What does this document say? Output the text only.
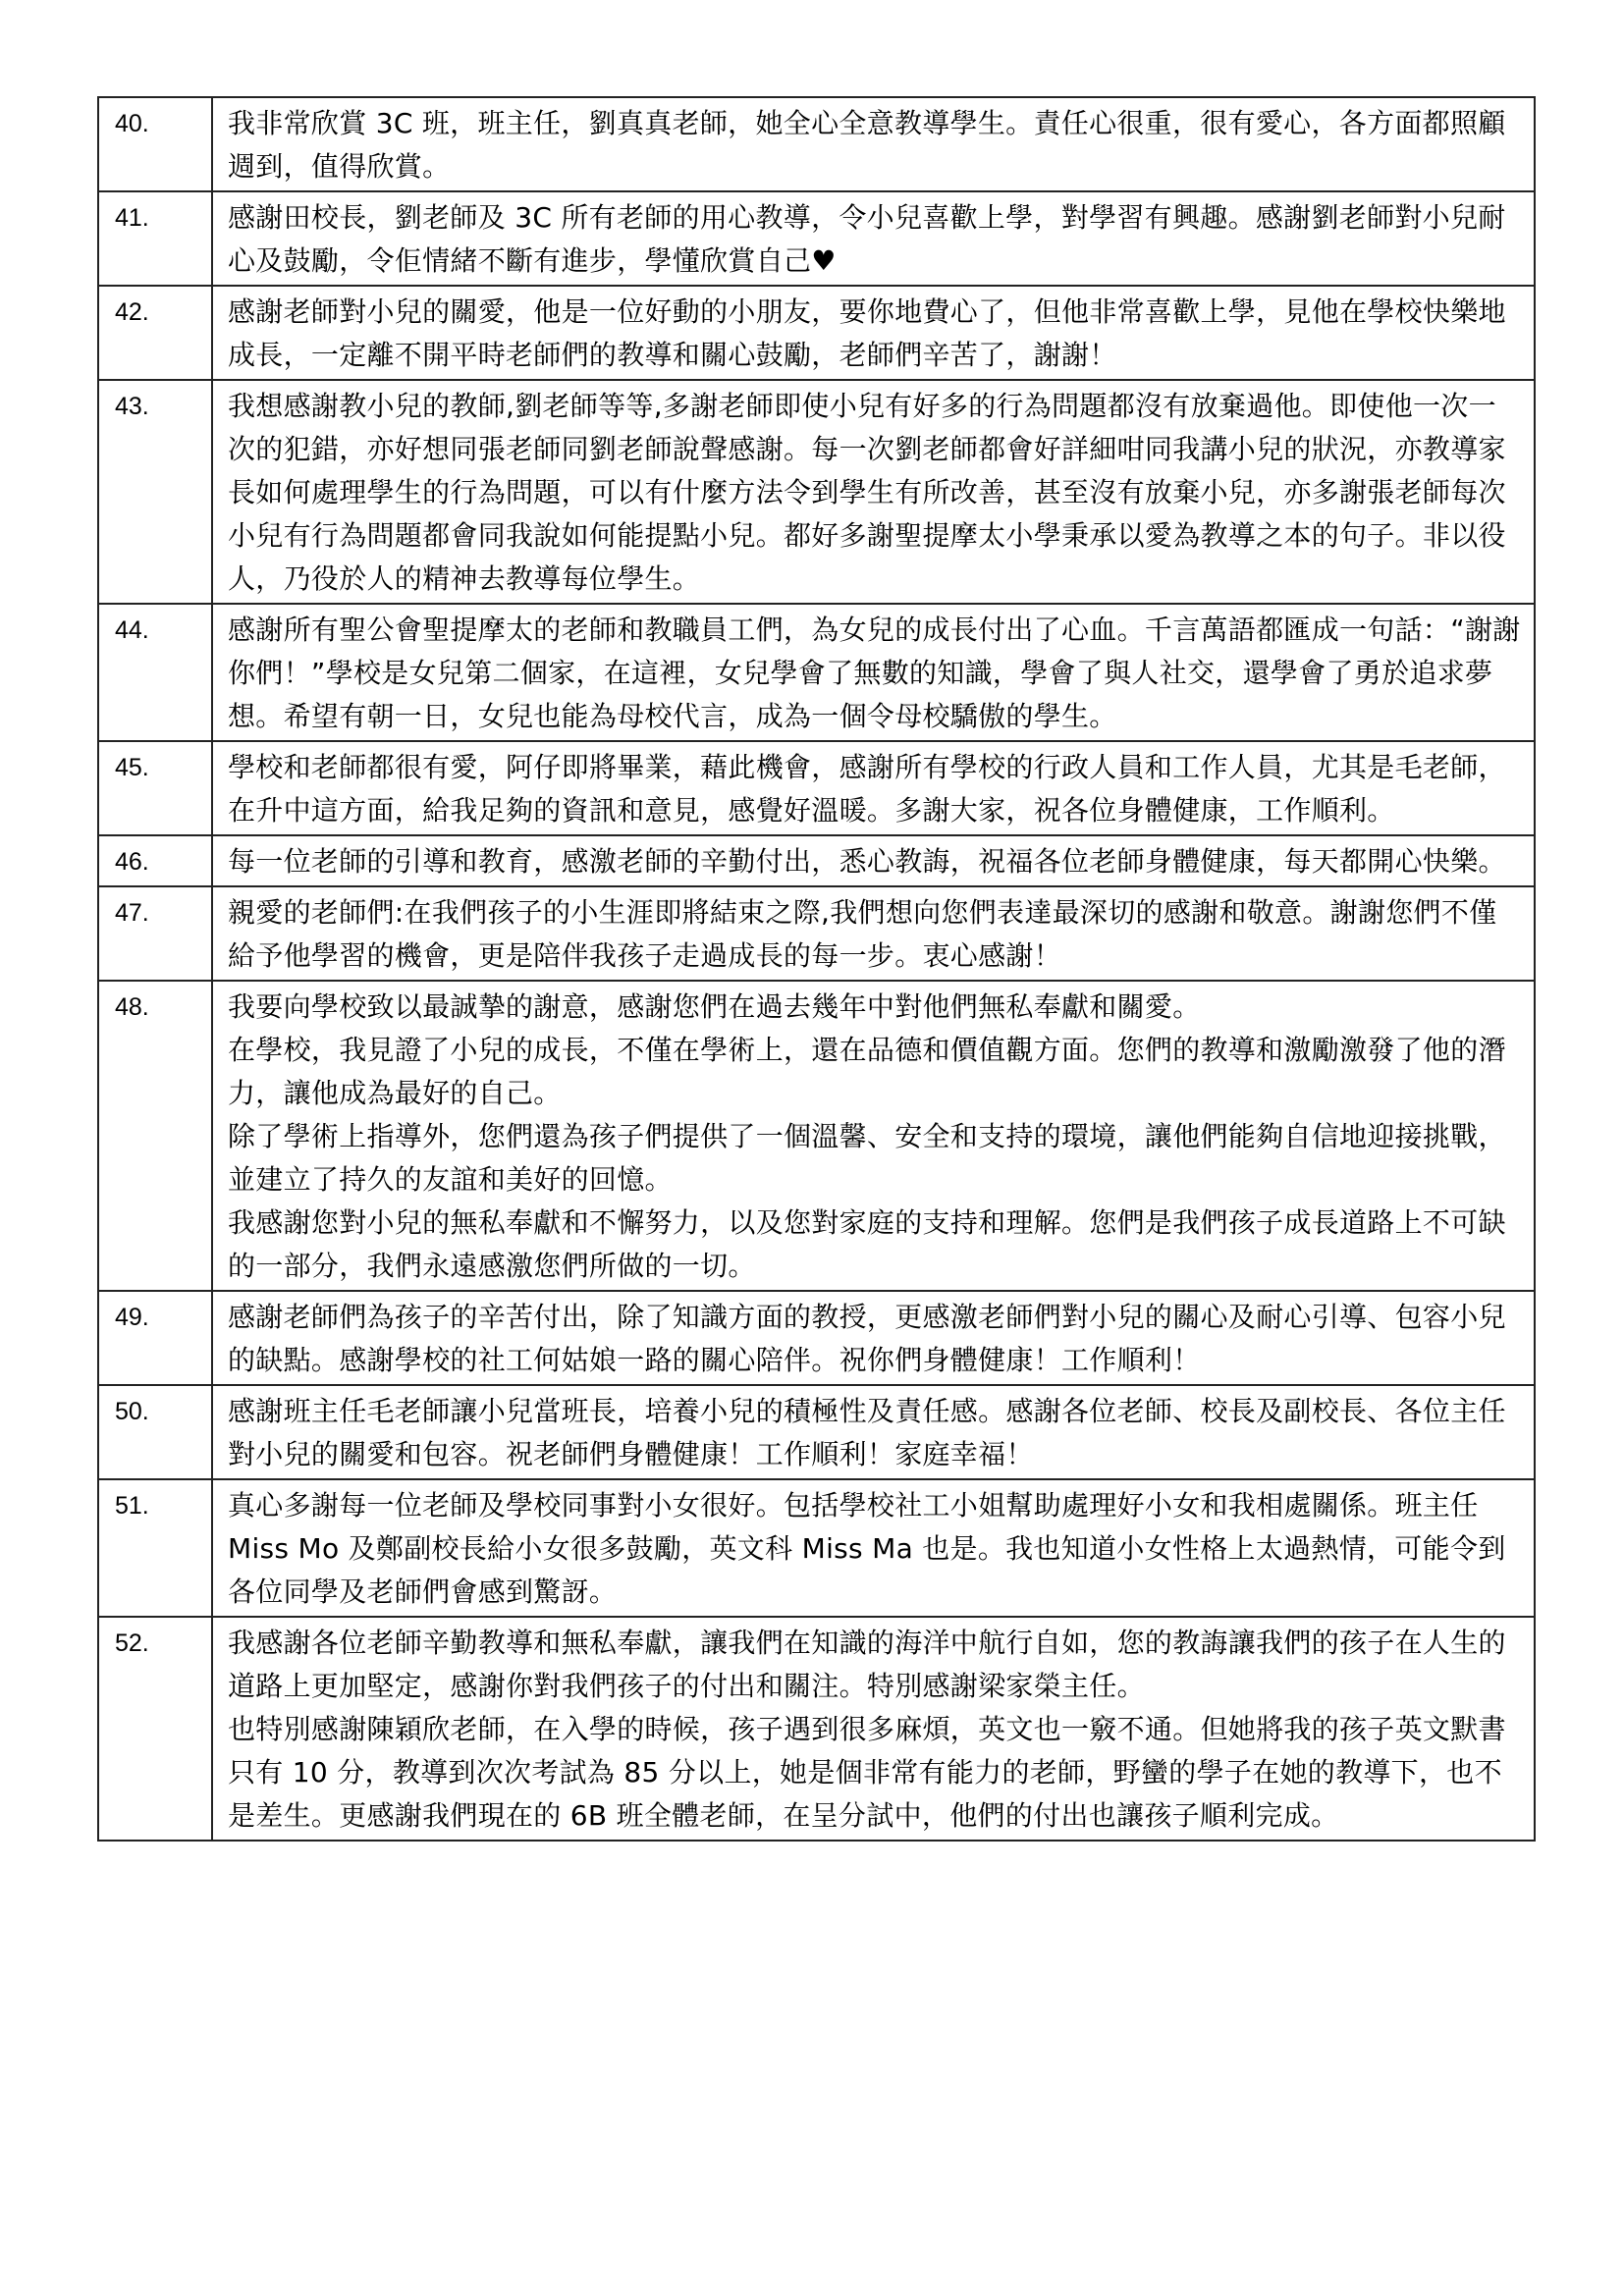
40.	我非常欣賞 3C 班，班主任，劉真真老師，她全心全意教導學生。責任心很重，很有愛心，各方面都照顧週到，值得欣賞。

41.	感謝田校長，劉老師及 3C 所有老師的用心教導，令小兒喜歡上學，對學習有興趣。感謝劉老師對小兒耐心及鼓勵，令佢情緒不斷有進步，學懂欣賞自己♥

42.	感謝老師對小兒的關愛，他是一位好動的小朋友，要你地費心了，但他非常喜歡上學，見他在學校快樂地成長，一定離不開平時老師們的教導和關心鼓勵，老師們辛苦了，謝謝！

43.	我想感謝教小兒的教師,劉老師等等,多謝老師即使小兒有好多的行為問題都沒有放棄過他。即使他一次一次的犯錯，亦好想同張老師同劉老師說聲感謝。每一次劉老師都會好詳細咁同我講小兒的狀況，亦教導家長如何處理學生的行為問題，可以有什麼方法令到學生有所改善，甚至沒有放棄小兒，亦多謝張老師每次小兒有行為問題都會同我說如何能提點小兒。都好多謝聖提摩太小學秉承以愛為教導之本的句子。非以役人，乃役於人的精神去教導每位學生。

44.	感謝所有聖公會聖提摩太的老師和教職員工們，為女兒的成長付出了心血。千言萬語都匯成一句話：“謝謝你們！”學校是女兒第二個家，在這裡，女兒學會了無數的知識，學會了與人社交，還學會了勇於追求夢想。希望有朝一日，女兒也能為母校代言，成為一個令母校驕傲的學生。

45.	學校和老師都很有愛，阿仔即將畢業，藉此機會，感謝所有學校的行政人員和工作人員，尤其是毛老師，在升中這方面，給我足夠的資訊和意見，感覺好溫暖。多謝大家，祝各位身體健康，工作順利。

46.	每一位老師的引導和教育，感激老師的辛勤付出，悉心教誨，祝福各位老師身體健康，每天都開心快樂。

47.	親愛的老師們:在我們孩子的小生涯即將結束之際,我們想向您們表達最深切的感謝和敬意。謝謝您們不僅給予他學習的機會，更是陪伴我孩子走過成長的每一步。衷心感謝！

48.	我要向學校致以最誠摯的謝意，感謝您們在過去幾年中對他們無私奉獻和關愛。

在學校，我見證了小兒的成長，不僅在學術上，還在品德和價值觀方面。您們的教導和激勵激發了他的潛力，讓他成為最好的自己。

除了學術上指導外，您們還為孩子們提供了一個溫馨、安全和支持的環境，讓他們能夠自信地迎接挑戰，並建立了持久的友誼和美好的回憶。

我感謝您對小兒的無私奉獻和不懈努力，以及您對家庭的支持和理解。您們是我們孩子成長道路上不可缺的一部分，我們永遠感激您們所做的一切。

49.	感謝老師們為孩子的辛苦付出，除了知識方面的教授，更感激老師們對小兒的關心及耐心引導、包容小兒的缺點。感謝學校的社工何姑娘一路的關心陪伴。祝你們身體健康！工作順利！

50.	感謝班主任毛老師讓小兒當班長，培養小兒的積極性及責任感。感謝各位老師、校長及副校長、各位主任對小兒的關愛和包容。祝老師們身體健康！工作順利！家庭幸福！

51.	真心多謝每一位老師及學校同事對小女很好。包括學校社工小姐幫助處理好小女和我相處關係。班主任 Miss Mo 及鄭副校長給小女很多鼓勵，英文科 Miss Ma 也是。我也知道小女性格上太過熱情，可能令到各位同學及老師們會感到驚訝。

52.	我感謝各位老師辛勤教導和無私奉獻，讓我們在知識的海洋中航行自如，您的教誨讓我們的孩子在人生的道路上更加堅定，感謝你對我們孩子的付出和關注。特別感謝梁家榮主任。

也特別感謝陳穎欣老師，在入學的時候，孩子遇到很多麻煩，英文也一竅不通。但她將我的孩子英文默書只有 10 分，教導到次次考試為 85 分以上，她是個非常有能力的老師，野蠻的學子在她的教導下，也不是差生。更感謝我們現在的 6B 班全體老師，在呈分試中，他們的付出也讓孩子順利完成。
